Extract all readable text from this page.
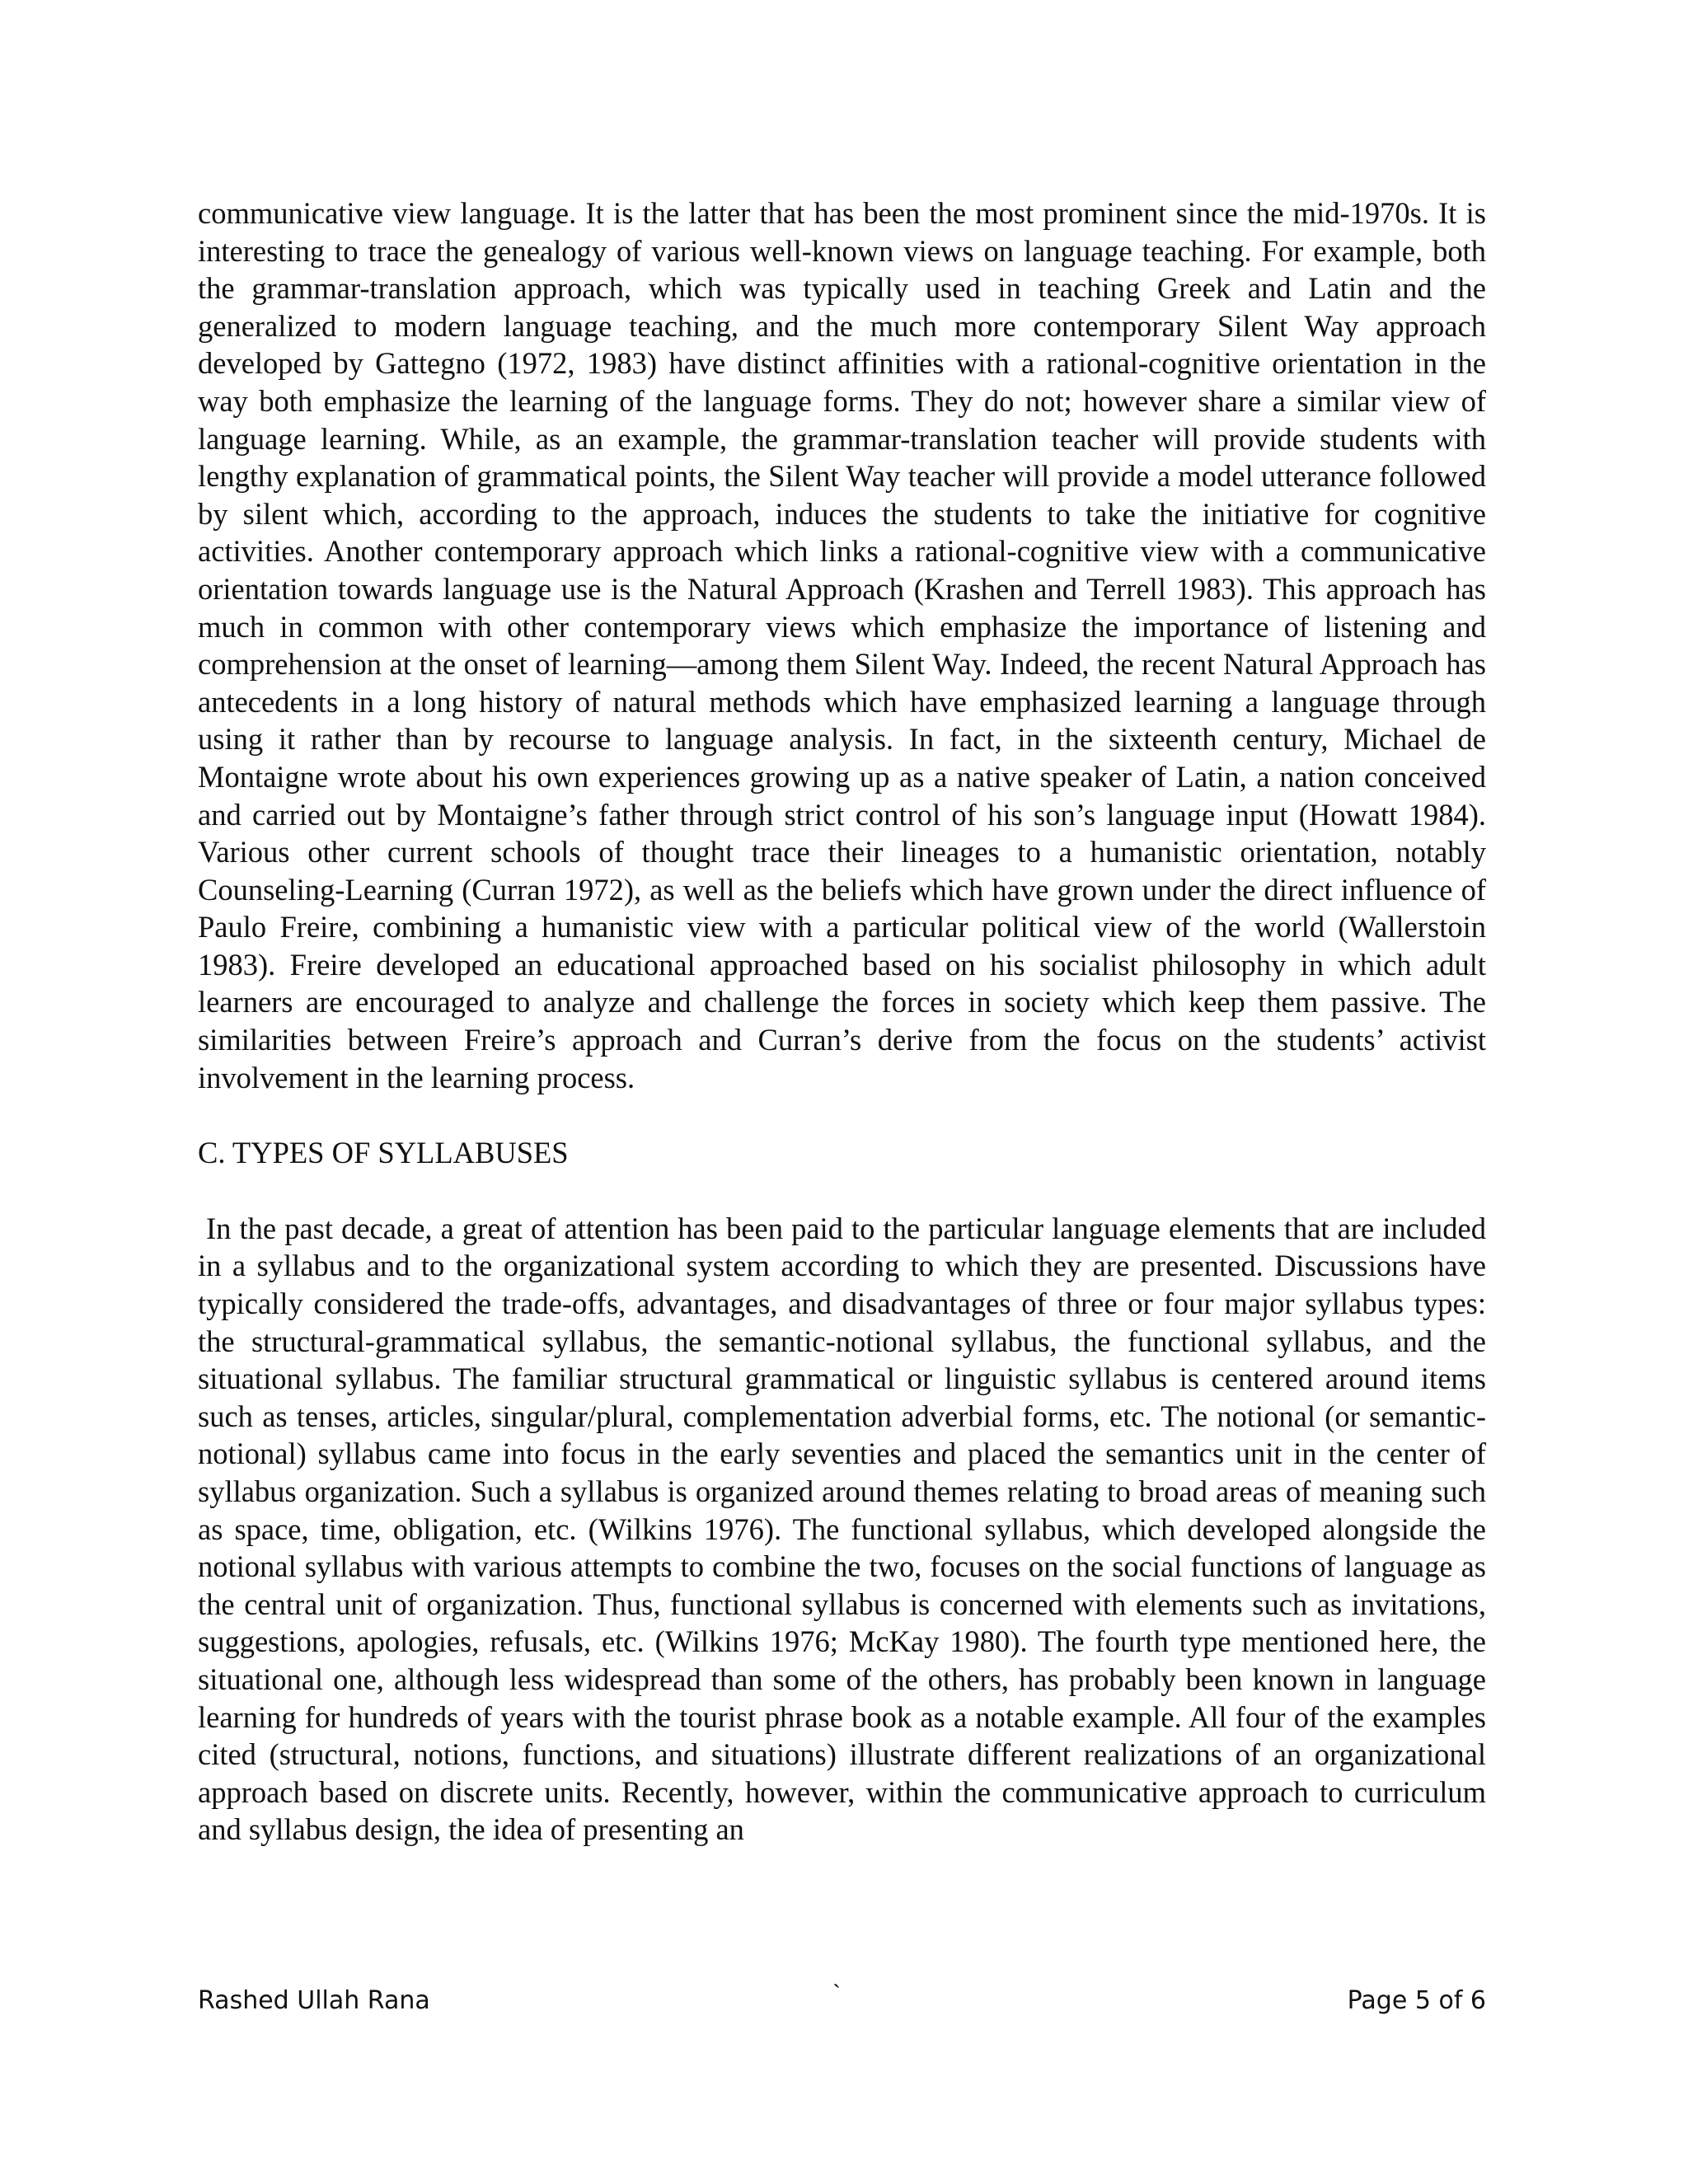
communicative view language. It is the latter that has been the most prominent since the mid-1970s. It is interesting to trace the genealogy of various well-known views on language teaching. For example, both the grammar-translation approach, which was typically used in teaching Greek and Latin and the generalized to modern language teaching, and the much more contemporary Silent Way approach developed by Gattegno (1972, 1983) have distinct affinities with a rational-cognitive orientation in the way both emphasize the learning of the language forms. They do not; however share a similar view of language learning. While, as an example, the grammar-translation teacher will provide students with lengthy explanation of grammatical points, the Silent Way teacher will provide a model utterance followed by silent which, according to the approach, induces the students to take the initiative for cognitive activities. Another contemporary approach which links a rational-cognitive view with a communicative orientation towards language use is the Natural Approach (Krashen and Terrell 1983). This approach has much in common with other contemporary views which emphasize the importance of listening and comprehension at the onset of learning—among them Silent Way. Indeed, the recent Natural Approach has antecedents in a long history of natural methods which have emphasized learning a language through using it rather than by recourse to language analysis. In fact, in the sixteenth century, Michael de Montaigne wrote about his own experiences growing up as a native speaker of Latin, a nation conceived and carried out by Montaigne’s father through strict control of his son’s language input (Howatt 1984). Various other current schools of thought trace their lineages to a humanistic orientation, notably Counseling-Learning (Curran 1972), as well as the beliefs which have grown under the direct influence of Paulo Freire, combining a humanistic view with a particular political view of the world (Wallerstoin 1983). Freire developed an educational approached based on his socialist philosophy in which adult learners are encouraged to analyze and challenge the forces in society which keep them passive. The similarities between Freire’s approach and Curran’s derive from the focus on the students’ activist involvement in the learning process.

C. TYPES OF SYLLABUSES

In the past decade, a great of attention has been paid to the particular language elements that are included in a syllabus and to the organizational system according to which they are presented. Discussions have typically considered the trade-offs, advantages, and disadvantages of three or four major syllabus types: the structural-grammatical syllabus, the semantic-notional syllabus, the functional syllabus, and the situational syllabus. The familiar structural grammatical or linguistic syllabus is centered around items such as tenses, articles, singular/plural, complementation adverbial forms, etc. The notional (or semantic-notional) syllabus came into focus in the early seventies and placed the semantics unit in the center of syllabus organization. Such a syllabus is organized around themes relating to broad areas of meaning such as space, time, obligation, etc. (Wilkins 1976). The functional syllabus, which developed alongside the notional syllabus with various attempts to combine the two, focuses on the social functions of language as the central unit of organization. Thus, functional syllabus is concerned with elements such as invitations, suggestions, apologies, refusals, etc. (Wilkins 1976; McKay 1980). The fourth type mentioned here, the situational one, although less widespread than some of the others, has probably been known in language learning for hundreds of years with the tourist phrase book as a notable example. All four of the examples cited (structural, notions, functions, and situations) illustrate different realizations of an organizational approach based on discrete units. Recently, however, within the communicative approach to curriculum and syllabus design, the idea of presenting an

Rashed Ullah Rana	`	Page 5 of 6
